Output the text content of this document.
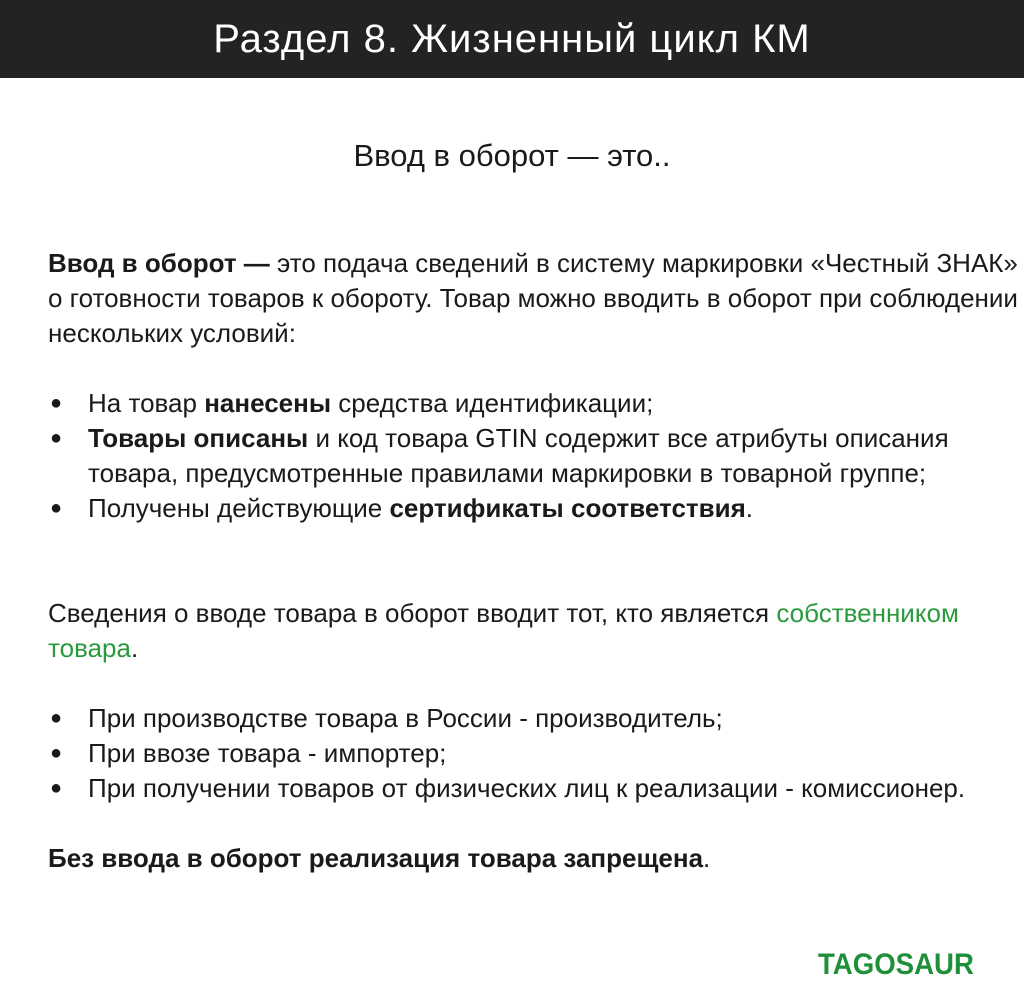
Раздел 8. Жизненный цикл КМ
Ввод в оборот — это..

Ввод в оборот — это подача сведений в систему маркировки «Честный ЗНАК» о готовности товаров к обороту. Товар можно вводить в оборот при соблюдении нескольких условий:

● На товар нанесены средства идентификации;
● Товары описаны и код товара GTIN содержит все атрибуты описания товара, предусмотренные правилами маркировки в товарной группе;
● Получены действующие сертификаты соответствия.

Сведения о вводе товара в оборот вводит тот, кто является собственником товара.

● При производстве товара в России - производитель;
● При ввозе товара - импортер;
● При получении товаров от физических лиц к реализации - комиссионер.

Без ввода в оборот реализация товара запрещена.

TAGOSAUR
